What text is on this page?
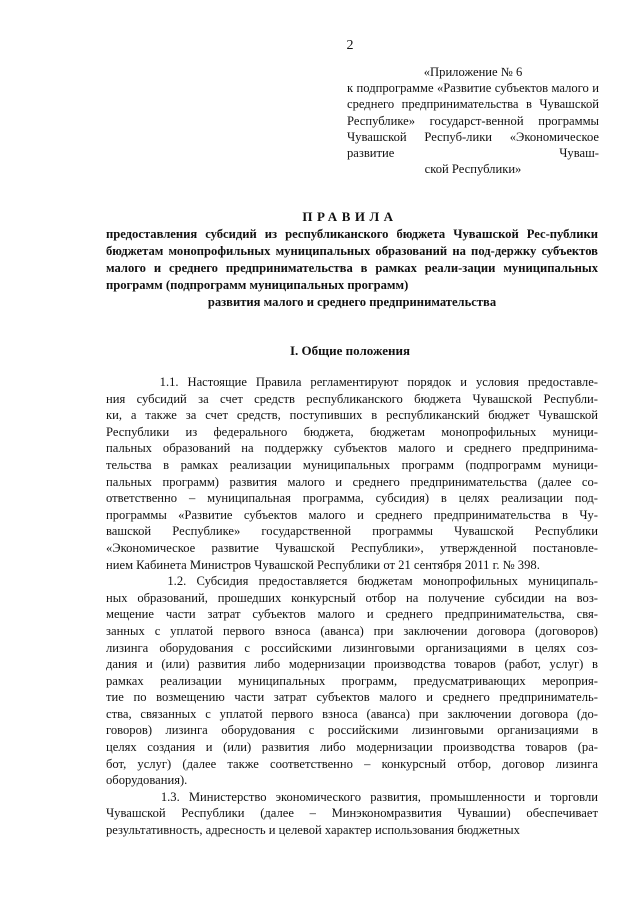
2
«Приложение № 6
к подпрограмме «Развитие субъектов малого и среднего предпринимательства в Чувашской Республике» государст-венной программы Чувашской Респуб-лики «Экономическое развитие Чуваш-
ской Республики»
ПРАВИЛА
предоставления субсидий из республиканского бюджета Чувашской Рес-публики бюджетам монопрофильных муниципальных образований на под-держку субъектов малого и среднего предпринимательства в рамках реали-зации муниципальных программ (подпрограмм муниципальных программ)
развития малого и среднего предпринимательства
I. Общие положения
1.1. Настоящие Правила регламентируют порядок и условия предоставле-
ния субсидий за счет средств республиканского бюджета Чувашской Республи-
ки, а также за счет средств, поступивших в республиканский бюджет Чувашской
Республики из федерального бюджета, бюджетам монопрофильных муници-
пальных образований на поддержку субъектов малого и среднего предпринима-
тельства в рамках реализации муниципальных программ (подпрограмм муници-
пальных программ) развития малого и среднего предпринимательства (далее со-
ответственно – муниципальная программа, субсидия) в целях реализации под-
программы «Развитие субъектов малого и среднего предпринимательства в Чу-
вашской Республике» государственной программы Чувашской Республики
«Экономическое развитие Чувашской Республики», утвержденной постановле-
нием Кабинета Министров Чувашской Республики от 21 сентября 2011 г. № 398.
1.2. Субсидия предоставляется бюджетам монопрофильных муниципаль-
ных образований, прошедших конкурсный отбор на получение субсидии на воз-
мещение части затрат субъектов малого и среднего предпринимательства, свя-
занных с уплатой первого взноса (аванса) при заключении договора (договоров)
лизинга оборудования с российскими лизинговыми организациями в целях соз-
дания и (или) развития либо модернизации производства товаров (работ, услуг) в
рамках реализации муниципальных программ, предусматривающих мероприя-
тие по возмещению части затрат субъектов малого и среднего предприниматель-
ства, связанных с уплатой первого взноса (аванса) при заключении договора (до-
говоров) лизинга оборудования с российскими лизинговыми организациями в
целях создания и (или) развития либо модернизации производства товаров (ра-
бот, услуг) (далее также соответственно – конкурсный отбор, договор лизинга
оборудования).
1.3. Министерство экономического развития, промышленности и торговли
Чувашской Республики (далее – Минэкономразвития Чувашии) обеспечивает
результативность, адресность и целевой характер использования бюджетных
